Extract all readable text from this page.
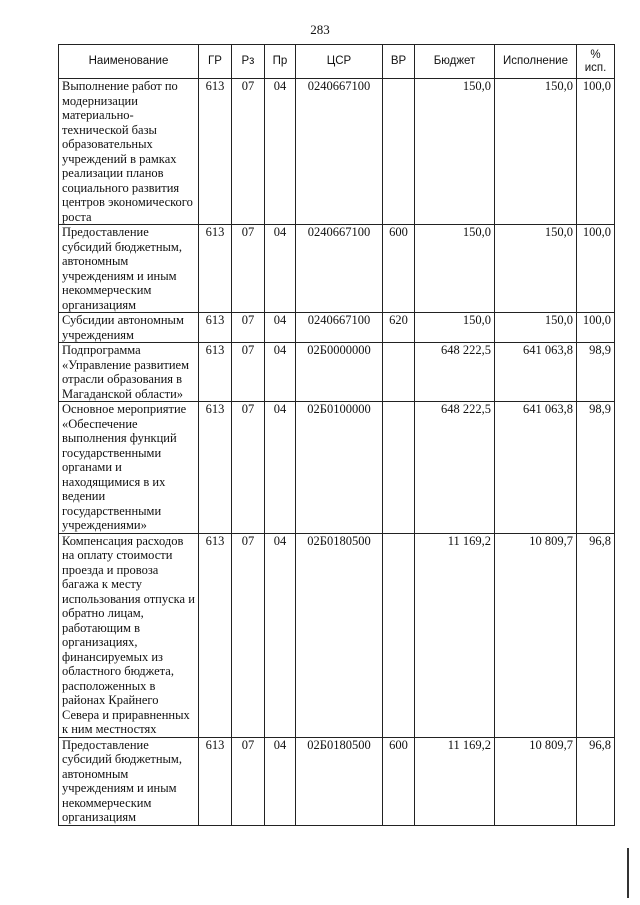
283
Наименование	ГР	Рз	Пр	ЦСР	ВР	Бюджет	Исполнение	%
исп.
Выполнение работ по модернизации материально-технической базы образовательных учреждений в рамках реализации планов социального развития центров экономического роста	613	07	04	0240667100		150,0	150,0	100,0
Предоставление субсидий бюджетным, автономным учреждениям и иным некоммерческим организациям	613	07	04	0240667100	600	150,0	150,0	100,0
Субсидии автономным учреждениям	613	07	04	0240667100	620	150,0	150,0	100,0
Подпрограмма «Управление развитием отрасли образования в Магаданской области»	613	07	04	02Б0000000		648 222,5	641 063,8	98,9
Основное мероприятие «Обеспечение выполнения функций государственными органами и находящимися в их ведении государственными учреждениями»	613	07	04	02Б0100000		648 222,5	641 063,8	98,9
Компенсация расходов на оплату стоимости проезда и провоза багажа к месту использования отпуска и обратно лицам, работающим в организациях, финансируемых из областного бюджета, расположенных в районах Крайнего Севера и приравненных к ним местностях	613	07	04	02Б0180500		11 169,2	10 809,7	96,8
Предоставление субсидий бюджетным, автономным учреждениям и иным некоммерческим организациям	613	07	04	02Б0180500	600	11 169,2	10 809,7	96,8
